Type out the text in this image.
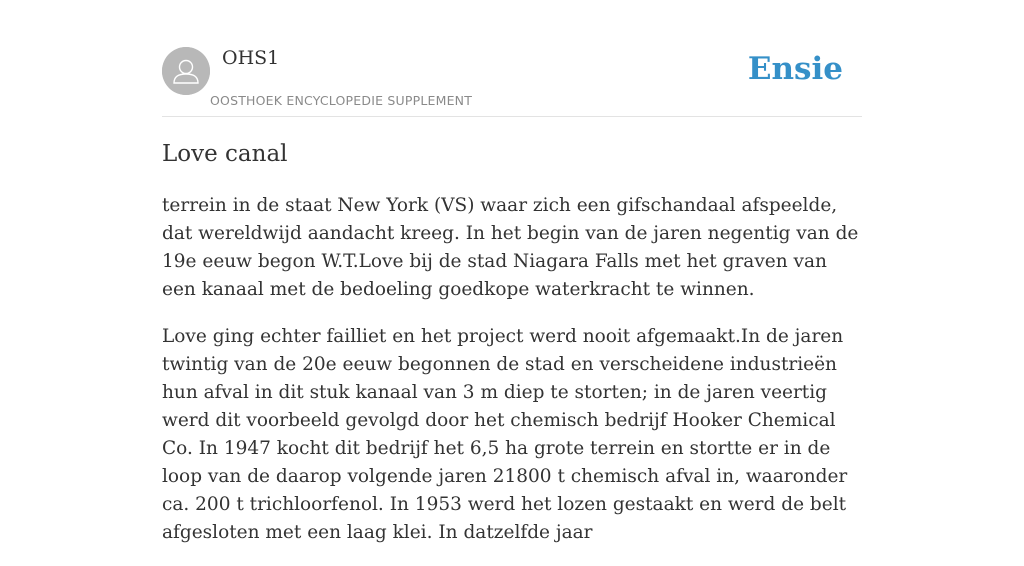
OHS1
OOSTHOEK ENCYCLOPEDIE SUPPLEMENT
Ensie
Love canal

terrein in de staat New York (VS) waar zich een gifschandaal afspeelde, dat wereldwijd aandacht kreeg. In het begin van de jaren negentig van de 19e eeuw begon W.T.Love bij de stad Niagara Falls met het graven van een kanaal met de bedoeling goedkope waterkracht te winnen.

Love ging echter failliet en het project werd nooit afgemaakt.In de jaren twintig van de 20e eeuw begonnen de stad en verscheidene industrieën hun afval in dit stuk kanaal van 3 m diep te storten; in de jaren veertig werd dit voorbeeld gevolgd door het chemisch bedrijf Hooker Chemical Co. In 1947 kocht dit bedrijf het 6,5 ha grote terrein en stortte er in de loop van de daarop volgende jaren 21800 t chemisch afval in, waaronder ca. 200 t trichloorfenol. In 1953 werd het lozen gestaakt en werd de belt afgesloten met een laag klei. In datzelfde jaar
